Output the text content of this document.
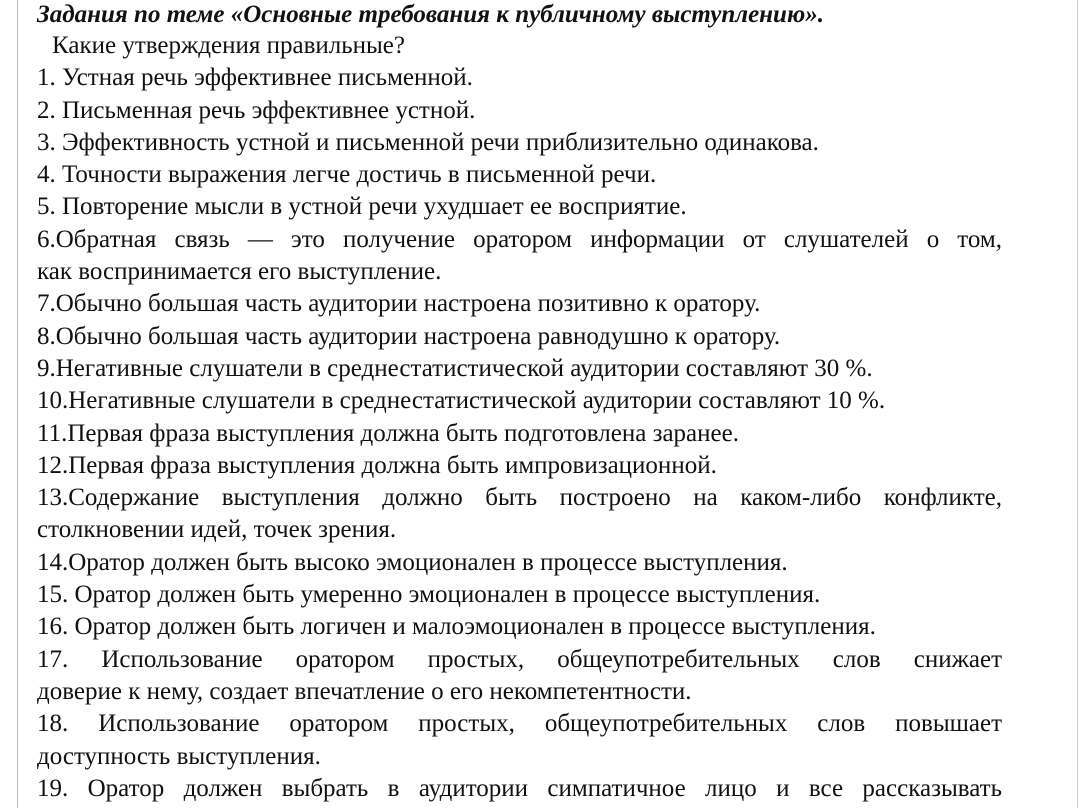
Задания по теме «Основные требования к публичному выступлению».
Какие утверждения правильные?
1. Устная речь эффективнее письменной.
2. Письменная речь эффективнее устной.
3. Эффективность устной и письменной речи приблизительно одинакова.
4. Точности выражения легче достичь в письменной речи.
5. Повторение мысли в устной речи ухудшает ее восприятие.
6.Обратная связь — это получение оратором информации от слушателей о том,
как воспринимается его выступление.
7.Обычно большая часть аудитории настроена позитивно к оратору.
8.Обычно большая часть аудитории настроена равнодушно к оратору.
9.Негативные слушатели в среднестатистической аудитории составляют 30 %.
10.Негативные слушатели в среднестатистической аудитории составляют 10 %.
11.Первая фраза выступления должна быть подготовлена заранее.
12.Первая фраза выступления должна быть импровизационной.
13.Содержание выступления должно быть построено на каком-либо конфликте,
столкновении идей, точек зрения.
14.Оратор должен быть высоко эмоционален в процессе выступления.
15. Оратор должен быть умеренно эмоционален в процессе выступления.
16. Оратор должен быть логичен и малоэмоционален в процессе выступления.
17. Использование оратором простых, общеупотребительных слов снижает
доверие к нему, создает впечатление о его некомпетентности.
18. Использование оратором простых, общеупотребительных слов повышает
доступность выступления.
19. Оратор должен выбрать в аудитории симпатичное лицо и все рассказывать
